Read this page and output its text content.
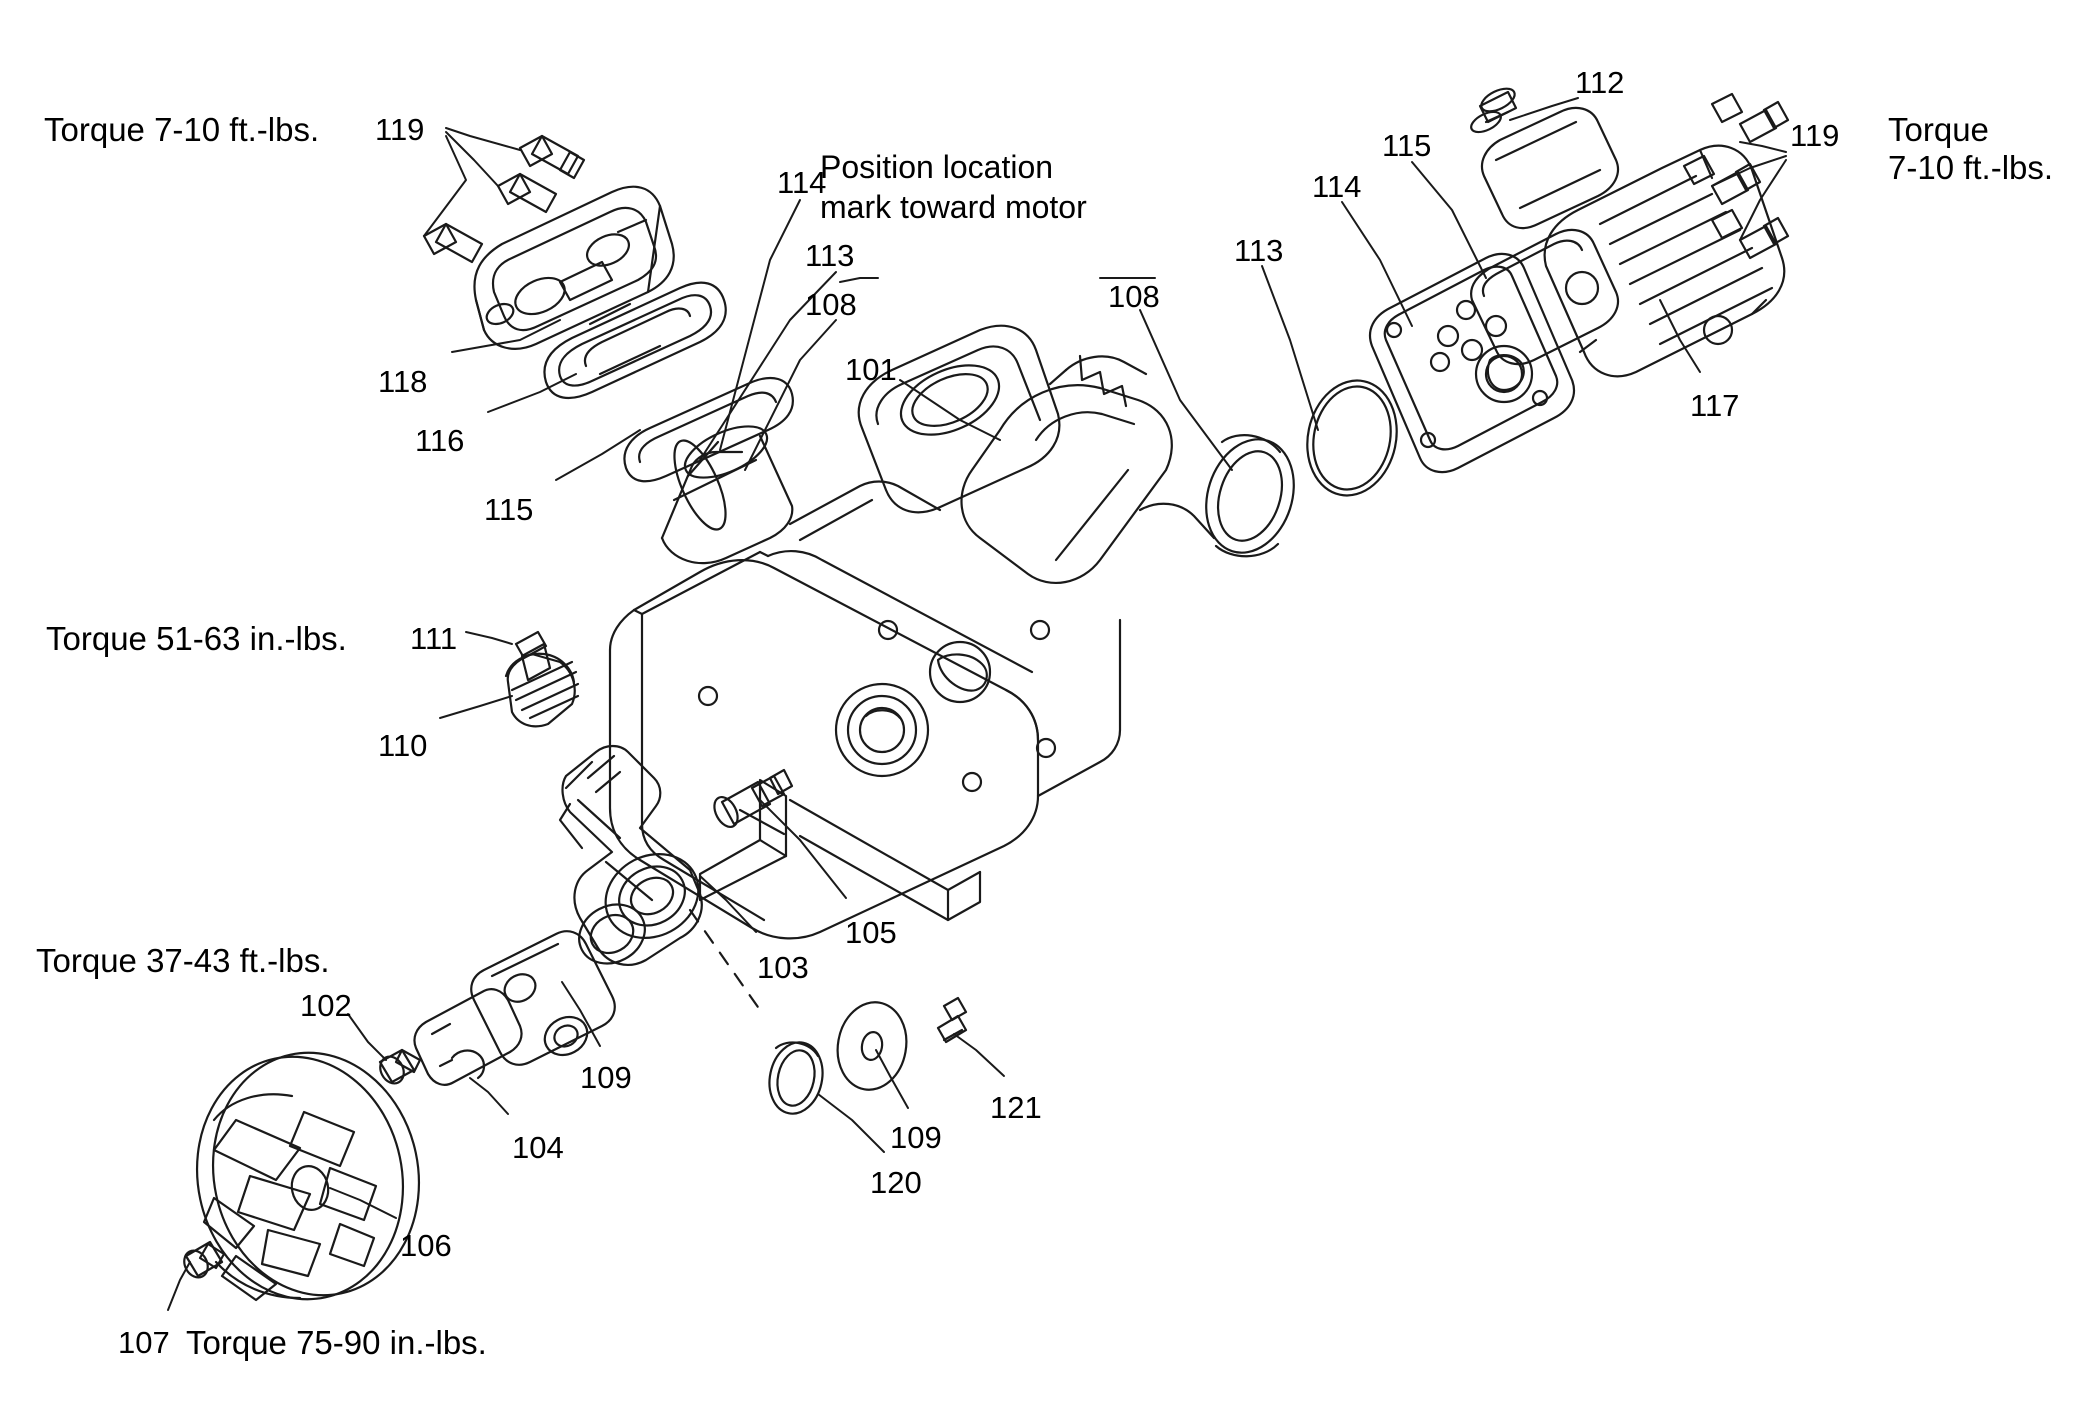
Torque 7-10 ft.-lbs.
Position location
mark toward motor
Torque
7-10 ft.-lbs.
Torque 51-63 in.-lbs.
Torque 37-43 ft.-lbs.
Torque 75-90 in.-lbs.
119
118
116
115
114
113
108
101
108
113
114
115
112
119
117
111
110
105
103
109
102
104
106
107
120
109
121
